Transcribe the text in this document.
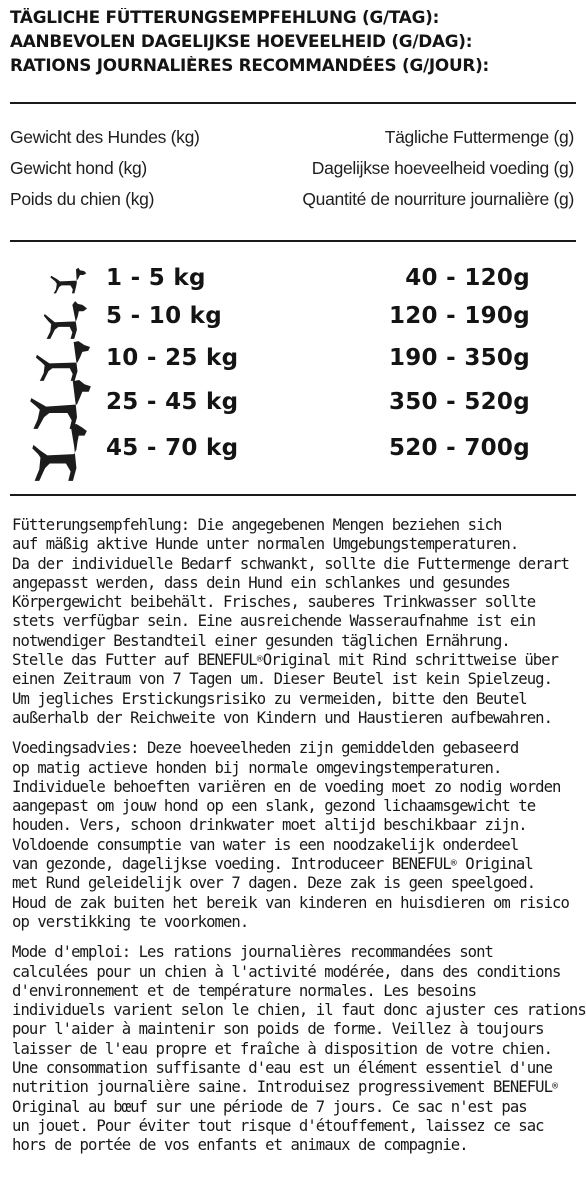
TÄGLICHE FÜTTERUNGSEMPFEHLUNG (G/TAG):
AANBEVOLEN DAGELIJKSE HOEVEELHEID (G/DAG):
RATIONS JOURNALIÈRES RECOMMANDÉES (G/JOUR):
Gewicht des Hundes (kg)	Tägliche Futtermenge (g)
Gewicht hond (kg)	Dagelijkse hoeveelheid voeding (g)
Poids du chien (kg)	Quantité de nourriture journalière (g)
1 - 5 kg	40 - 120g
5 - 10 kg	120 - 190g
10 - 25 kg	190 - 350g
25 - 45 kg	350 - 520g
45 - 70 kg	520 - 700g

Fütterungsempfehlung: Die angegebenen Mengen beziehen sich
auf mäßig aktive Hunde unter normalen Umgebungstemperaturen.
Da der individuelle Bedarf schwankt, sollte die Futtermenge derart
angepasst werden, dass dein Hund ein schlankes und gesundes
Körpergewicht beibehält. Frisches, sauberes Trinkwasser sollte
stets verfügbar sein. Eine ausreichende Wasseraufnahme ist ein
notwendiger Bestandteil einer gesunden täglichen Ernährung.
Stelle das Futter auf BENEFUL®Original mit Rind schrittweise über
einen Zeitraum von 7 Tagen um. Dieser Beutel ist kein Spielzeug.
Um jegliches Erstickungsrisiko zu vermeiden, bitte den Beutel
außerhalb der Reichweite von Kindern und Haustieren aufbewahren.

Voedingsadvies: Deze hoeveelheden zijn gemiddelden gebaseerd
op matig actieve honden bij normale omgevingstemperaturen.
Individuele behoeften variëren en de voeding moet zo nodig worden
aangepast om jouw hond op een slank, gezond lichaamsgewicht te
houden. Vers, schoon drinkwater moet altijd beschikbaar zijn.
Voldoende consumptie van water is een noodzakelijk onderdeel
van gezonde, dagelijkse voeding. Introduceer BENEFUL® Original
met Rund geleidelijk over 7 dagen. Deze zak is geen speelgoed.
Houd de zak buiten het bereik van kinderen en huisdieren om risico
op verstikking te voorkomen.

Mode d'emploi: Les rations journalières recommandées sont
calculées pour un chien à l'activité modérée, dans des conditions
d'environnement et de température normales. Les besoins
individuels varient selon le chien, il faut donc ajuster ces rations
pour l'aider à maintenir son poids de forme. Veillez à toujours
laisser de l'eau propre et fraîche à disposition de votre chien.
Une consommation suffisante d'eau est un élément essentiel d'une
nutrition journalière saine. Introduisez progressivement BENEFUL®
Original au bœuf sur une période de 7 jours. Ce sac n'est pas
un jouet. Pour éviter tout risque d'étouffement, laissez ce sac
hors de portée de vos enfants et animaux de compagnie.
